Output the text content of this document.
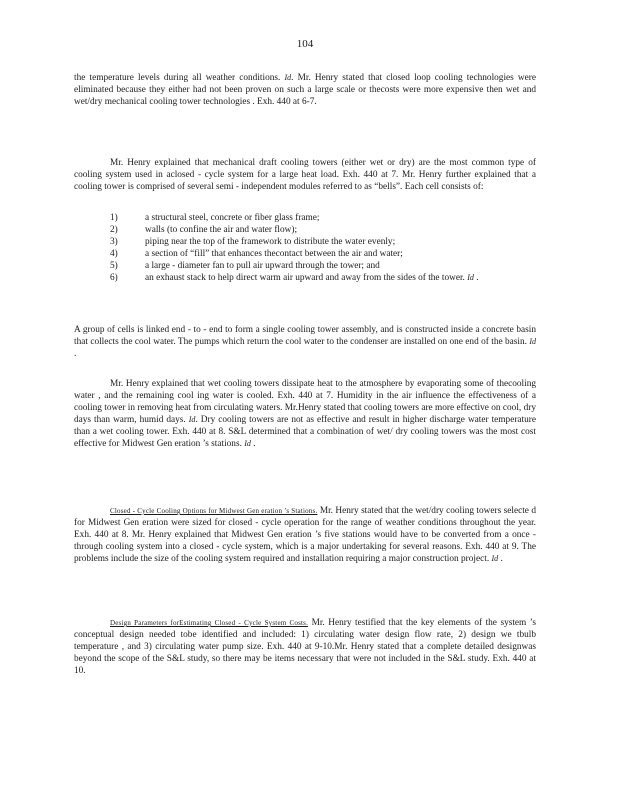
104

the temperature levels during all weather conditions. Id. Mr. Henry stated that closed loop cooling technologies were eliminated because they either had not been proven on such a large scale or thecosts were more expensive then wet and wet/dry mechanical cooling tower technologies . Exh. 440 at 6-7.

Mr. Henry explained that mechanical draft cooling towers (either wet or dry) are the most common type of cooling system used in aclosed - cycle system for a large heat load. Exh. 440 at 7. Mr. Henry further explained that a cooling tower is comprised of several semi - independent modules referred to as “bells”. Each cell consists of:

1)	a structural steel, concrete or fiber glass frame;
2)	walls (to confine the air and water flow);
3)	piping near the top of the framework to distribute the water evenly;
4)	a section of “fill” that enhances thecontact between the air and water;
5)	a large - diameter fan to pull air upward through the tower; and
6)	an exhaust stack to help direct warm air upward and away from the sides of the tower. Id .

A group of cells is linked end - to - end to form a single cooling tower assembly, and is constructed inside a concrete basin that collects the cool water. The pumps which return the cool water to the condenser are installed on one end of the basin. Id .

Mr. Henry explained that wet cooling towers dissipate heat to the atmosphere by evaporating some of thecooling water , and the remaining cool ing water is cooled. Exh. 440 at 7. Humidity in the air influence the effectiveness of a cooling tower in removing heat from circulating waters. Mr.Henry stated that cooling towers are more effective on cool, dry days than warm, humid days. Id. Dry cooling towers are not as effective and result in higher discharge water temperature than a wet cooling tower. Exh. 440 at 8. S&L determined that a combination of wet/ dry cooling towers was the most cost effective for Midwest Gen eration ’s stations. Id .

Closed - Cycle Cooling Options for Midwest Gen eration ’s Stations. Mr. Henry stated that the wet/dry cooling towers selecte d for Midwest Gen eration were sized for closed - cycle operation for the range of weather conditions throughout the year. Exh. 440 at 8. Mr. Henry explained that Midwest Gen eration ’s five stations would have to be converted from a once - through cooling system into a closed - cycle system, which is a major undertaking for several reasons. Exh. 440 at 9. The problems include the size of the cooling system required and installation requiring a major construction project. Id .

Design Parameters forEstimating Closed - Cycle System Costs. Mr. Henry testified that the key elements of the system ’s conceptual design needed tobe identified and included: 1) circulating water design flow rate, 2) design we tbulb temperature , and 3) circulating water pump size. Exh. 440 at 9-10.Mr. Henry stated that a complete detailed designwas beyond the scope of the S&L study, so there may be items necessary that were not included in the S&L study. Exh. 440 at 10.
